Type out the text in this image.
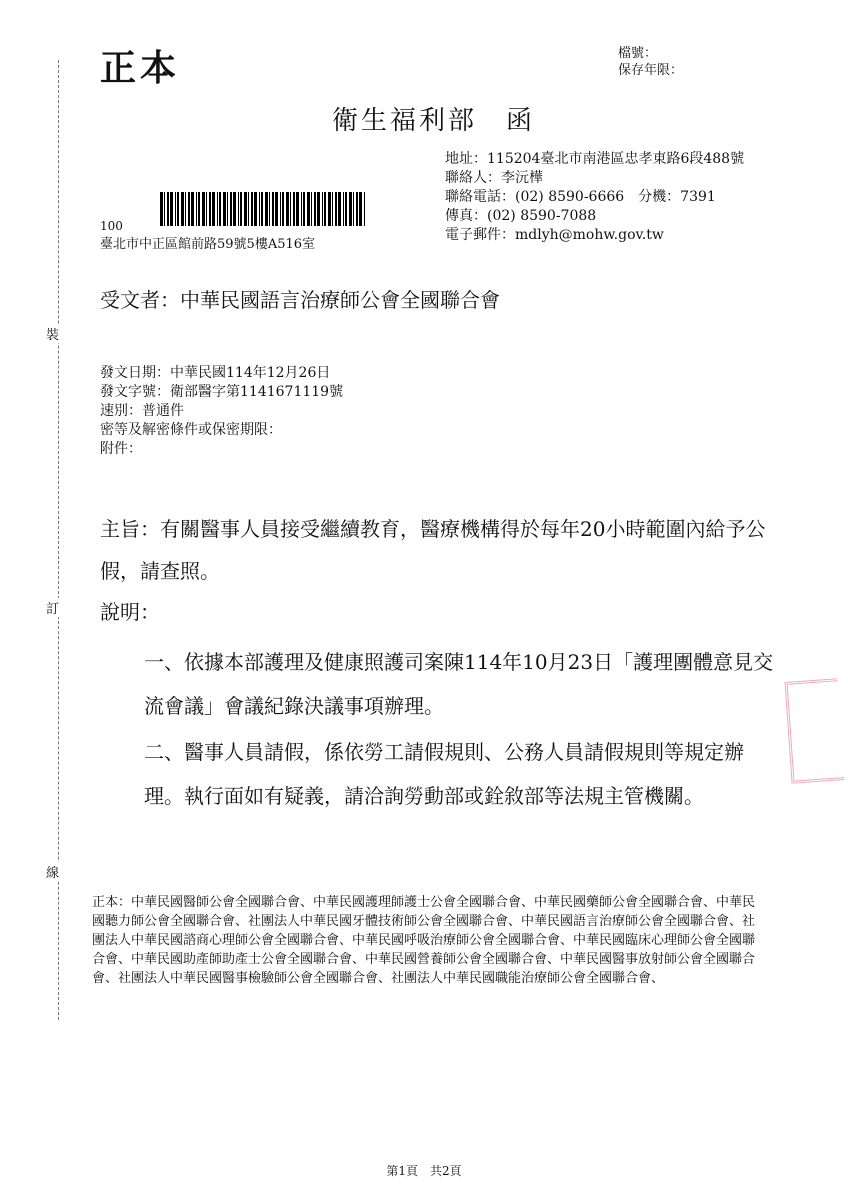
正本	檔號：
保存年限：
衛生福利部　函
地址：115204臺北市南港區忠孝東路6段488號
聯絡人：李沅樺
聯絡電話：(02) 8590-6666　分機：7391
傳真：(02) 8590-7088
電子郵件：mdlyh@mohw.gov.tw
100
臺北市中正區館前路59號5樓A516室
裝
訂
線
受文者：中華民國語言治療師公會全國聯合會
發文日期：中華民國114年12月26日
發文字號：衛部醫字第1141671119號
速別：普通件
密等及解密條件或保密期限：
附件：
主旨：有關醫事人員接受繼續教育，醫療機構得於每年20小時範圍內給予公假，請查照。
說明：
一、依據本部護理及健康照護司案陳114年10月23日「護理團體意見交流會議」會議紀錄決議事項辦理。
二、醫事人員請假，係依勞工請假規則、公務人員請假規則等規定辦理。執行面如有疑義，請洽詢勞動部或銓敘部等法規主管機關。
正本：中華民國醫師公會全國聯合會、中華民國護理師護士公會全國聯合會、中華民國藥師公會全國聯合會、中華民國聽力師公會全國聯合會、社團法人中華民國牙體技術師公會全國聯合會、中華民國語言治療師公會全國聯合會、社團法人中華民國諮商心理師公會全國聯合會、中華民國呼吸治療師公會全國聯合會、中華民國臨床心理師公會全國聯合會、中華民國助產師助產士公會全國聯合會、中華民國營養師公會全國聯合會、中華民國醫事放射師公會全國聯合會、社團法人中華民國醫事檢驗師公會全國聯合會、社團法人中華民國職能治療師公會全國聯合會、
第1頁　共2頁
